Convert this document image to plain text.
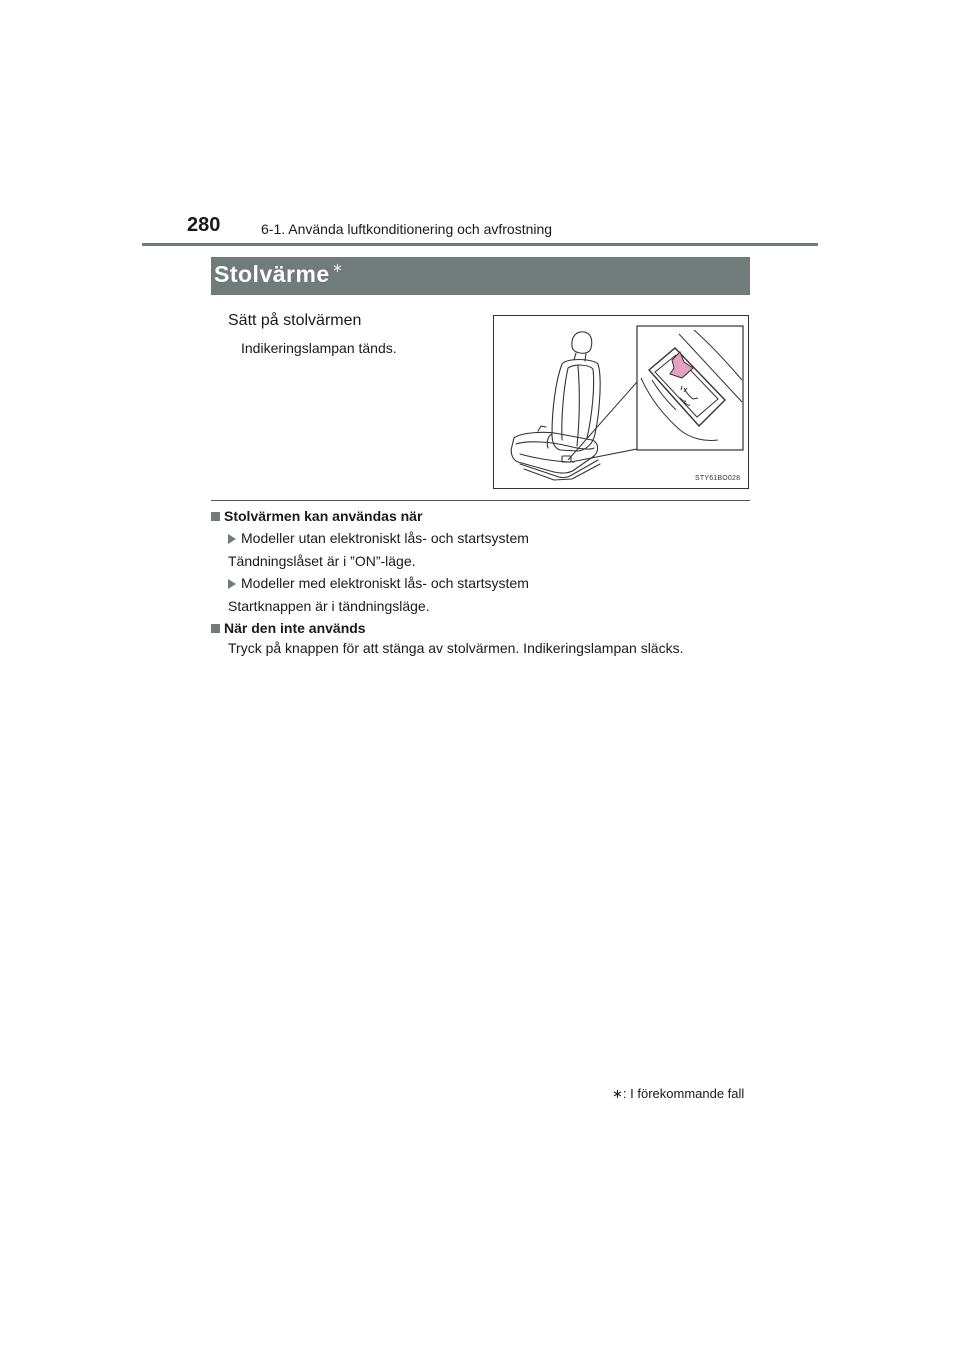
280	6-1. Använda luftkonditionering och avfrostning
Stolvärme ∗
Sätt på stolvärmen
Indikeringslampan tänds.
STY61BO028
Stolvärmen kan användas när
Modeller utan elektroniskt lås- och startsystem
Tändningslåset är i ”ON”-läge.
Modeller med elektroniskt lås- och startsystem
Startknappen är i tändningsläge.
När den inte används
Tryck på knappen för att stänga av stolvärmen. Indikeringslampan släcks.
∗: I förekommande fall
